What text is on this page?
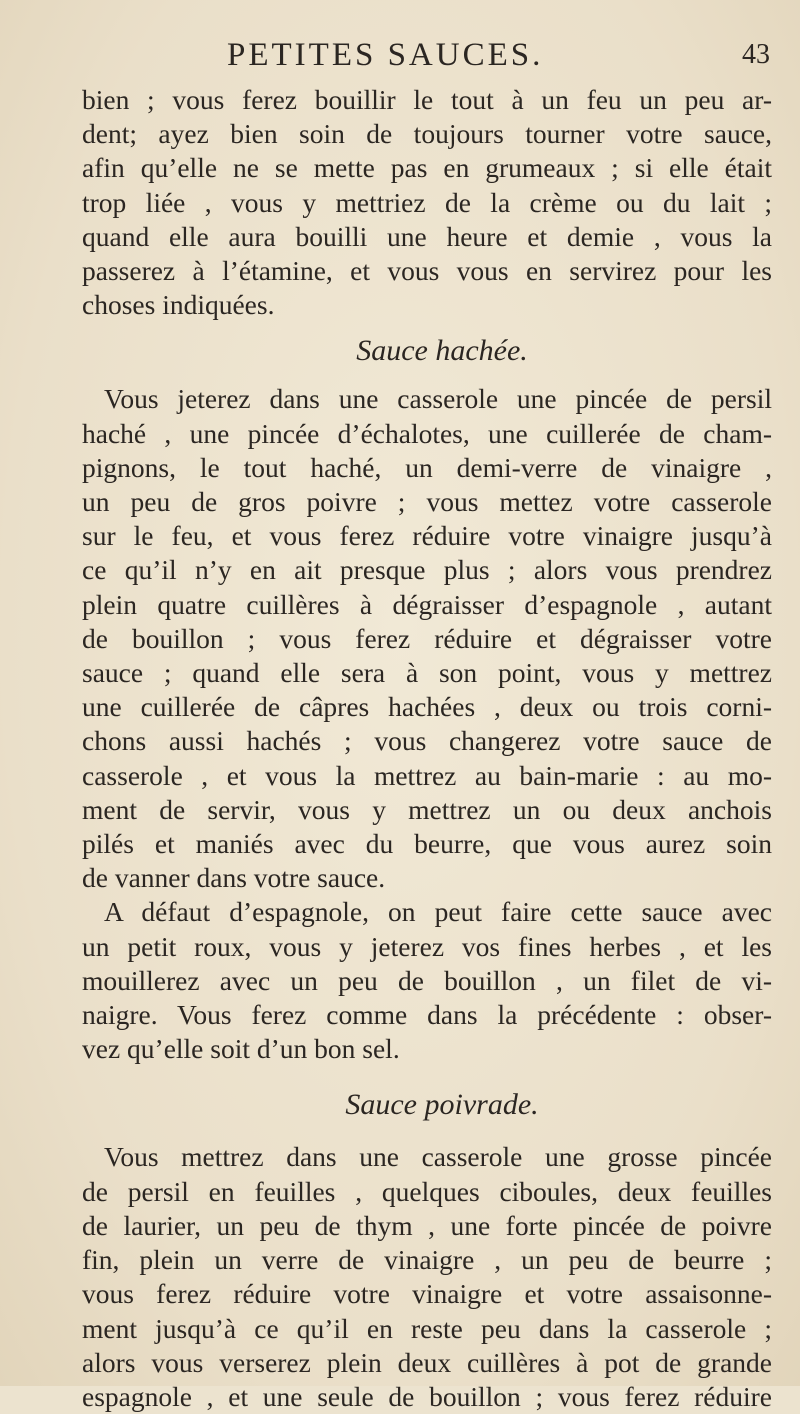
PETITES SAUCES.	43
bien ; vous ferez bouillir le tout à un feu un peu ar-
dent; ayez bien soin de toujours tourner votre sauce,
afin qu’elle ne se mette pas en grumeaux ; si elle était
trop liée , vous y mettriez de la crème ou du lait ;
quand elle aura bouilli une heure et demie , vous la
passerez à l’étamine, et vous vous en servirez pour les
choses indiquées.
Sauce hachée.
Vous jeterez dans une casserole une pincée de persil
haché , une pincée d’échalotes, une cuillerée de cham-
pignons, le tout haché, un demi-verre de vinaigre ,
un peu de gros poivre ; vous mettez votre casserole
sur le feu, et vous ferez réduire votre vinaigre jusqu’à
ce qu’il n’y en ait presque plus ; alors vous prendrez
plein quatre cuillères à dégraisser d’espagnole , autant
de bouillon ; vous ferez réduire et dégraisser votre
sauce ; quand elle sera à son point, vous y mettrez
une cuillerée de câpres hachées , deux ou trois corni-
chons aussi hachés ; vous changerez votre sauce de
casserole , et vous la mettrez au bain-marie : au mo-
ment de servir, vous y mettrez un ou deux anchois
pilés et maniés avec du beurre, que vous aurez soin
de vanner dans votre sauce.
A défaut d’espagnole, on peut faire cette sauce avec
un petit roux, vous y jeterez vos fines herbes , et les
mouillerez avec un peu de bouillon , un filet de vi-
naigre. Vous ferez comme dans la précédente : obser-
vez qu’elle soit d’un bon sel.
Sauce poivrade.
Vous mettrez dans une casserole une grosse pincée
de persil en feuilles , quelques ciboules, deux feuilles
de laurier, un peu de thym , une forte pincée de poivre
fin, plein un verre de vinaigre , un peu de beurre ;
vous ferez réduire votre vinaigre et votre assaisonne-
ment jusqu’à ce qu’il en reste peu dans la casserole ;
alors vous verserez plein deux cuillères à pot de grande
espagnole , et une seule de bouillon ; vous ferez réduire
